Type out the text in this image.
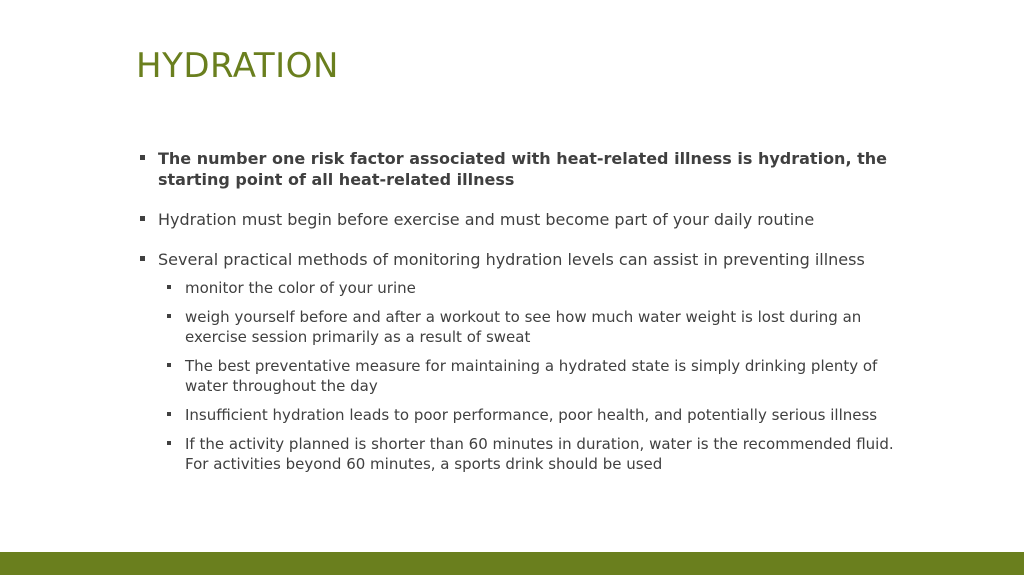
HYDRATION
The number one risk factor associated with heat-related illness is hydration, the starting point of all heat-related illness
Hydration must begin before exercise and must become part of your daily routine
Several practical methods of monitoring hydration levels can assist in preventing illness
monitor the color of your urine
weigh yourself before and after a workout to see how much water weight is lost during an exercise session primarily as a result of sweat
The best preventative measure for maintaining a hydrated state is simply drinking plenty of water throughout the day
Insufficient hydration leads to poor performance, poor health, and potentially serious illness
If the activity planned is shorter than 60 minutes in duration, water is the recommended fluid. For activities beyond 60 minutes, a sports drink should be used
